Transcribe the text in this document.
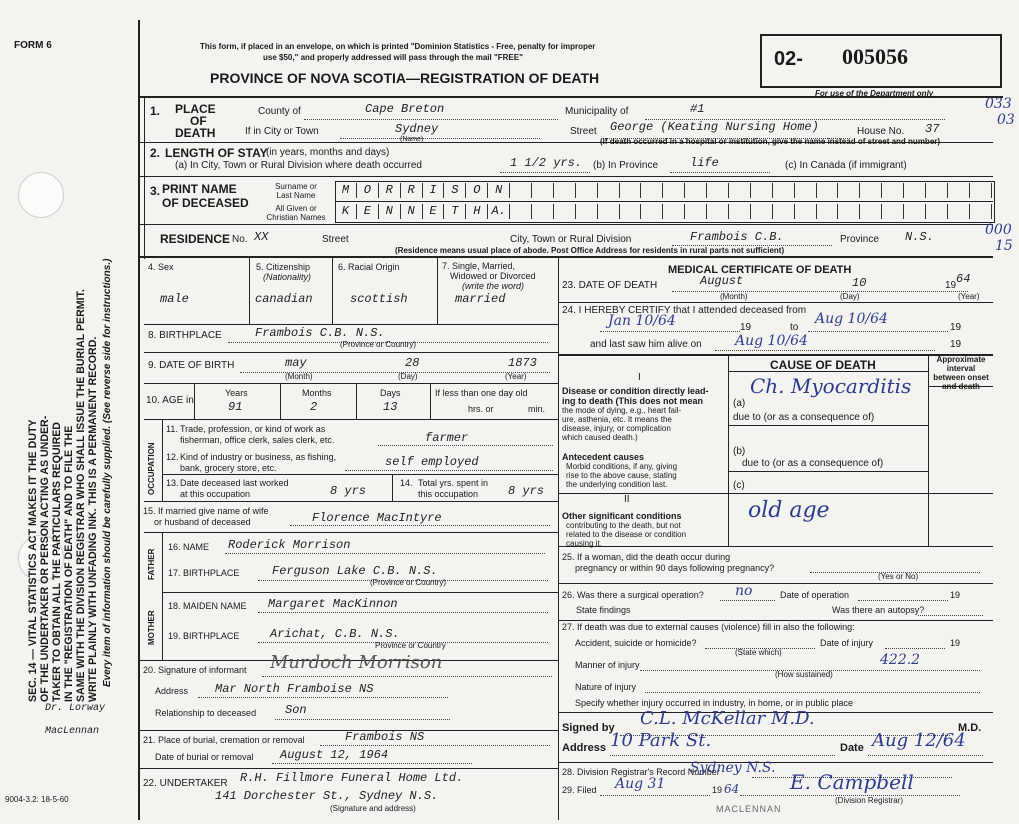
FORM 6
SEC. 14 — VITAL STATISTICS ACT MAKES IT THE DUTY OF THE UNDERTAKER OR PERSON ACTING AS UNDER- TAKER TO OBTAIN ALL THE PARTICULARS REQUIRED IN THE "REGISTRATION OF DEATH" AND TO FILE THE SAME WITH THE DIVISION REGISTRAR WHO SHALL ISSUE THE BURIAL PERMIT. WRITE PLAINLY WITH UNFADING INK. THIS IS A PERMANENT RECORD. Every item of information should be carefully supplied. (See reverse side for instructions.)
Dr. Lorway
MacLennan
9004-3.2: 18-5-60
This form, if placed in an envelope, on which is printed "Dominion Statistics - Free, penalty for improper
use $50," and properly addressed will pass through the mail "FREE"
PROVINCE OF NOVA SCOTIA—REGISTRATION OF DEATH
02- 005056
For use of the Department only
1. PLACE
OF
DEATH
County of	Cape Breton	Municipality of	#1
If in City or Town	Sydney
(Name)
Street George (Keating Nursing Home)	House No. 37
(If death occurred in a hospital or institution, give the name instead of street and number)
033
03
2. LENGTH OF STAY
(in years, months and days)
(a) In City, Town or Rural Division where death occurred	1 1/2 yrs. (b) In Province	life	(c) In Canada (if immigrant)
3. PRINT NAME
OF DECEASED
Surname or
Last Name
All Given or
Christian Names
M	O	R	R	I	S	O	N
K	E	N	N	E	T	H A.
RESIDENCE No. XX	Street	City, Town or Rural Division	Frambois C.B.	Province N.S.
(Residence means usual place of abode. Post Office Address for residents in rural parts not sufficient)
000
15
4. Sex
male
5. Citizenship
(Nationality)
canadian
6. Racial Origin
scottish
7. Single, Married,
Widowed or Divorced
(write the word)
married
8. BIRTHPLACE	Frambois C.B. N.S.
(Province or Country)
9. DATE OF BIRTH	may	28	1873
(Month)	(Day)	(Year)
10. AGE in
Years	Months	Days	If less than one day old
hrs. or	min.
91	2	13
OCCUPATION
11. Trade, profession, or kind of work as
fisherman, office clerk, sales clerk, etc.	farmer
12. Kind of industry or business, as fishing,
bank, grocery store, etc.	self employed
13. Date deceased last worked
at this occupation	8 yrs
14. Total yrs. spent in
this occupation 8 yrs
15. If married give name of wife
or husband of deceased	Florence MacIntyre
FATHER
16. NAME Roderick Morrison
17. BIRTHPLACE	Ferguson Lake C.B. N.S.
(Province or Country)
MOTHER
18. MAIDEN NAME Margaret MacKinnon
19. BIRTHPLACE	Arichat, C.B. N.S.
Province or Country
20. Signature of informant Murdoch Morrison
Address Mar North Framboise NS
Relationship to deceased Son
21. Place of burial, cremation or removal	Frambois NS
Date of burial or removal August 12, 1964
22. UNDERTAKER R.H. Fillmore Funeral Home Ltd.
141 Dorchester St., Sydney N.S.
(Signature and address)
MEDICAL CERTIFICATE OF DEATH
23. DATE OF DEATH	August	10	19 64
(Month)	(Day)	(Year)
24. I HEREBY CERTIFY that I attended deceased from
Jan 10/64	19	to
Aug 10/64
19
and last saw him alive on Aug 10/64	19
CAUSE OF DEATH	Approximate interval between onset and death
I
Disease or condition directly lead-
ing to death (This does not mean
the mode of dying, e.g., heart fail-
ure, asthenia, etc. It means the
disease, injury, or complication
which caused death.)
(a)
Ch. Myocarditis
due to (or as a consequence of)
Antecedent causes
Morbid conditions, if any, giving
rise to the above cause, stating
the underlying condition last.
(b)
due to (or as a consequence of)
(c)
II
Other significant conditions
contributing to the death, but not
related to the disease or condition
causing it.
old age
25. If a woman, did the death occur during
pregnancy or within 90 days following pregnancy?
(Yes or No)
26. Was there a surgical operation? no	Date of operation	19
State findings	Was there an autopsy?
27. If death was due to external causes (violence) fill in also the following:
Accident, suicide or homicide?
(State which)
Date of injury	19
Manner of injury	422.2
(How sustained)
Nature of injury
Specify whether injury occurred in industry, in home, or in public place
Signed by C.L. McKellar M.D.	M.D.
Address 10 Park St.	Date Aug 12/64
28. Division Registrar's Record Number
Sydney N.S.
29. Filed Aug 31	19 64	E. Campbell
(Division Registrar)
MACLENNAN
